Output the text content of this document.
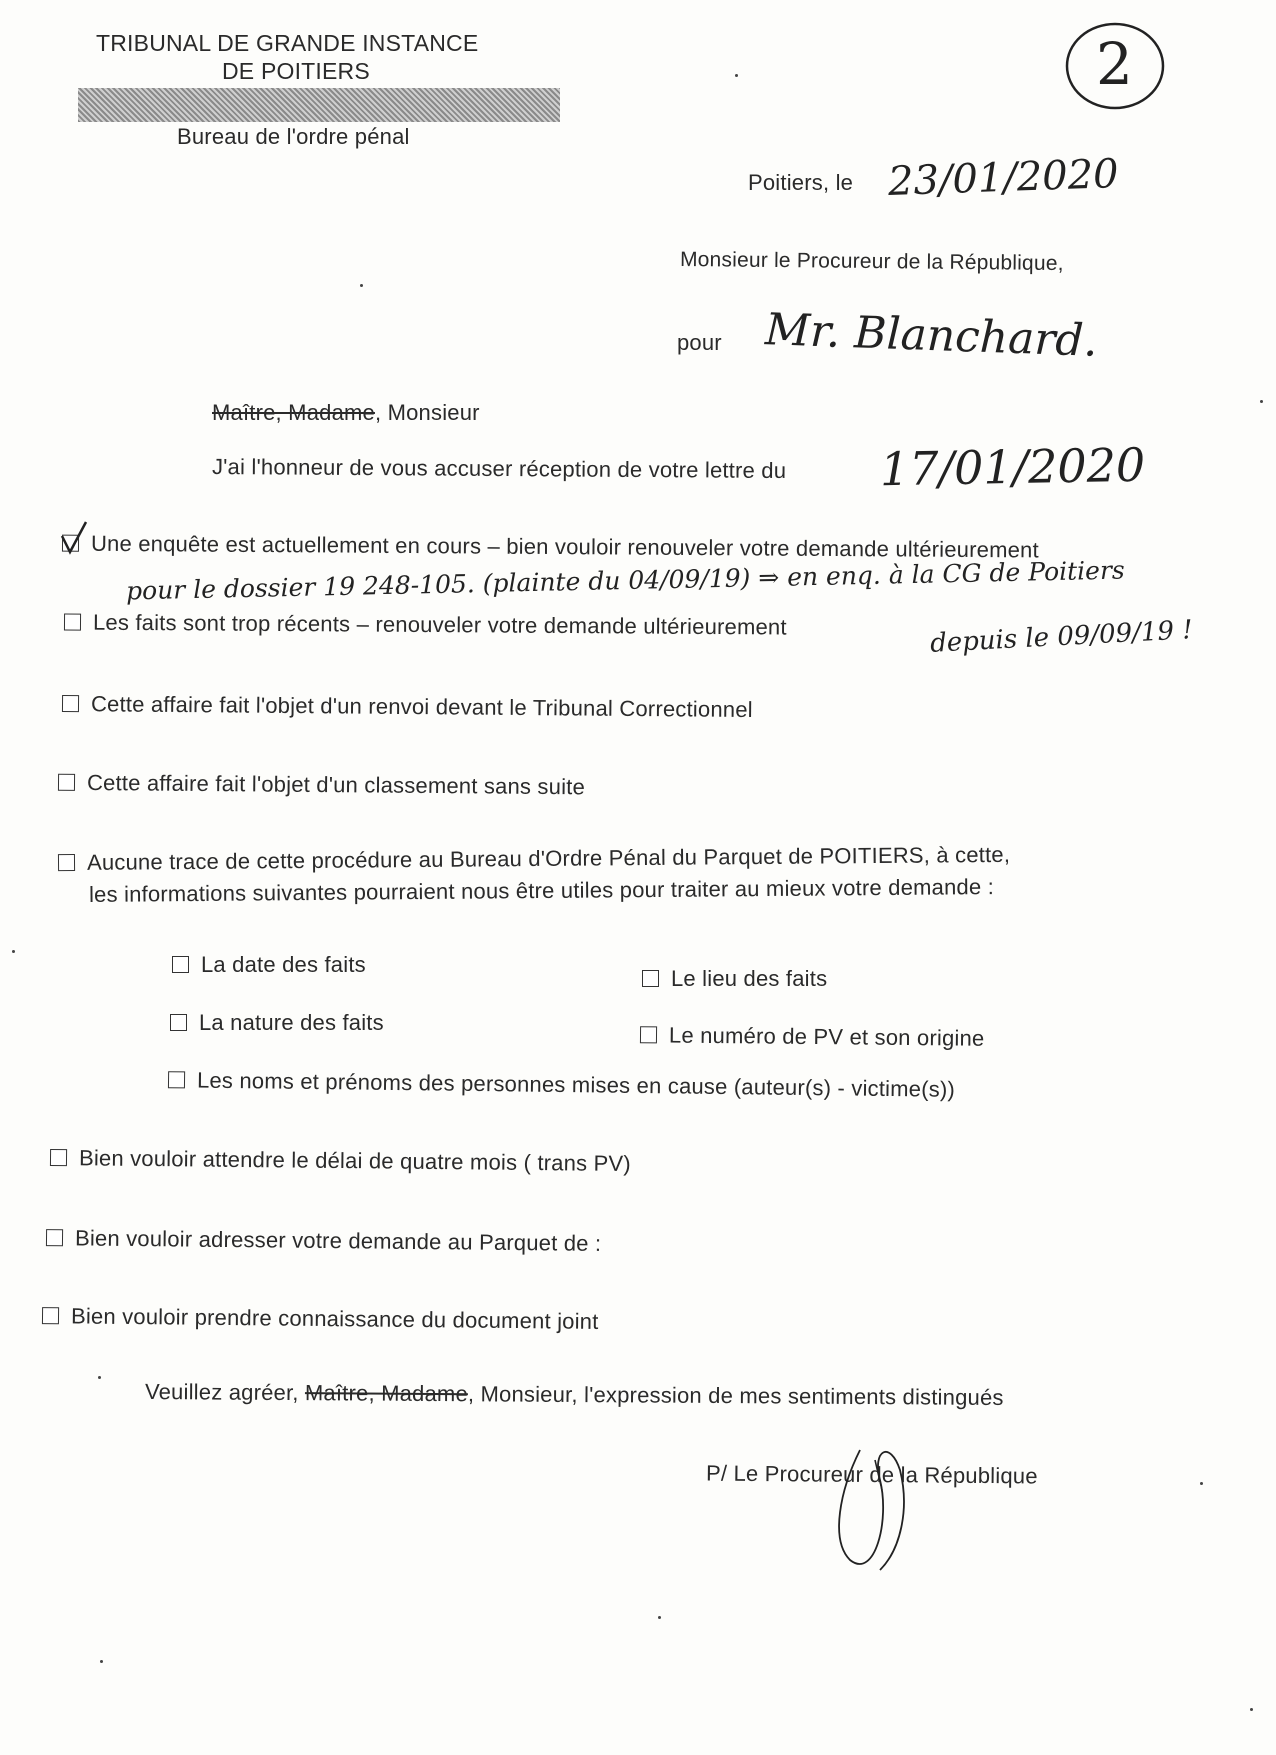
TRIBUNAL DE GRANDE INSTANCE
DE POITIERS
Bureau de l'ordre pénal
2
Poitiers, le 23/01/2020
Monsieur le Procureur de la République,
pour Mr. Blanchard.
Maître, Madame, Monsieur
J'ai l'honneur de vous accuser réception de votre lettre du 17/01/2020
Une enquête est actuellement en cours – bien vouloir renouveler votre demande ultérieurement
pour le dossier 19 248-105. (plainte du 04/09/19) ⇒ en enq. à la CG de Poitiers
Les faits sont trop récents – renouveler votre demande ultérieurement	depuis le 09/09/19 !
Cette affaire fait l'objet d'un renvoi devant le Tribunal Correctionnel
Cette affaire fait l'objet d'un classement sans suite
Aucune trace de cette procédure au Bureau d'Ordre Pénal du Parquet de POITIERS, à cette,
les informations suivantes pourraient nous être utiles pour traiter au mieux votre demande :
La date des faits
Le lieu des faits
La nature des faits
Le numéro de PV et son origine
Les noms et prénoms des personnes mises en cause (auteur(s) - victime(s))
Bien vouloir attendre le délai de quatre mois ( trans PV)
Bien vouloir adresser votre demande au Parquet de :
Bien vouloir prendre connaissance du document joint
Veuillez agréer, Maître, Madame, Monsieur, l'expression de mes sentiments distingués
P/ Le Procureur de la République
